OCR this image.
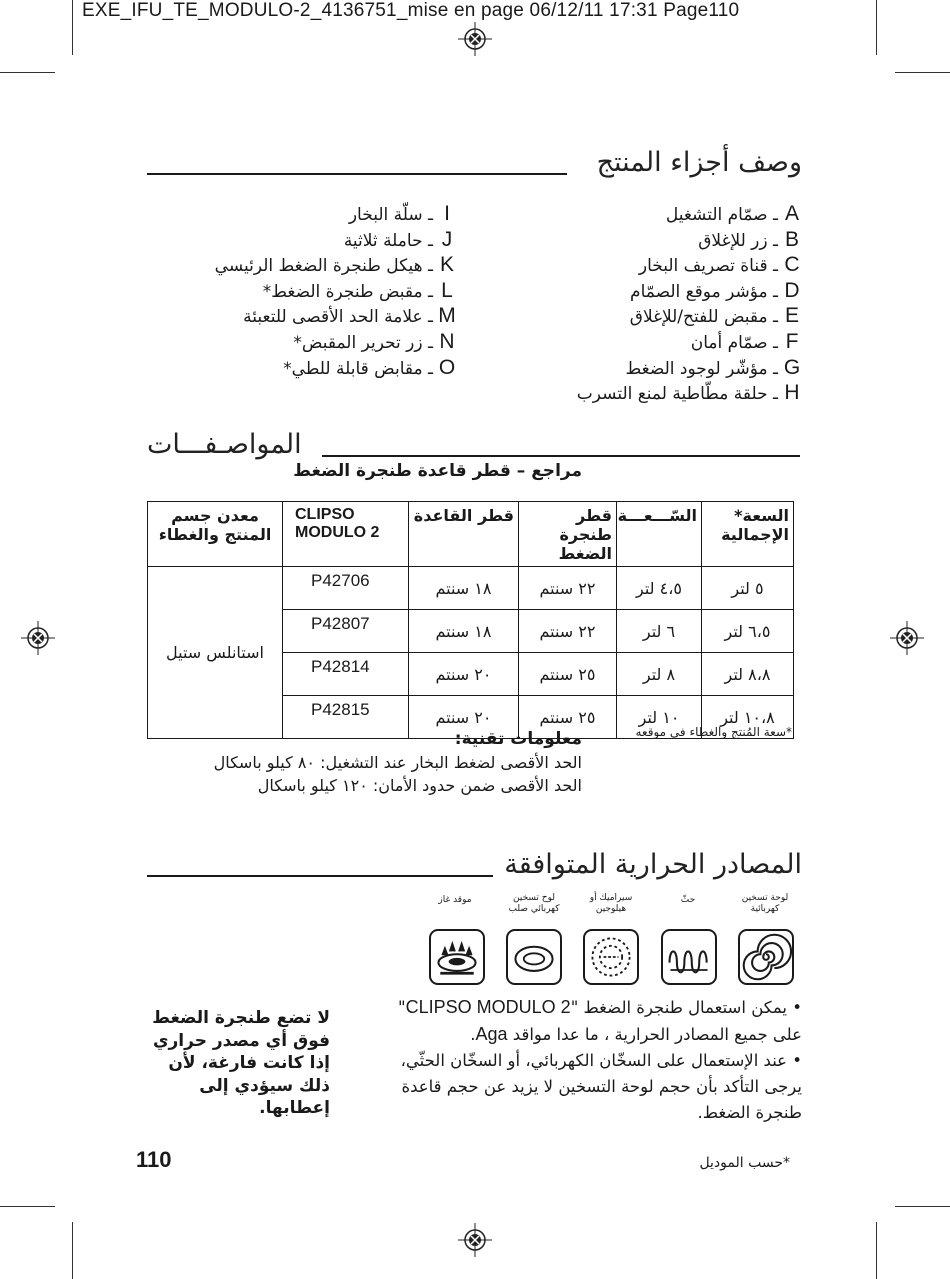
EXE_IFU_TE_MODULO-2_4136751_mise en page 06/12/11 17:31 Page110
وصف أجزاء المنتج
A
ـ صمّام التشغيل
B
ـ زر للإغلاق
C
ـ قناة تصريف البخار
D
ـ مؤشر موقع الصمّام
E
ـ مقبض للفتح/للإغلاق
F
ـ صمّام أمان
G
ـ مؤشّر لوجود الضغط
H
ـ حلقة مطّاطية لمنع التسرب
I
ـ سلّة البخار
J
ـ حاملة ثلاثية
K
ـ هيكل طنجرة الضغط الرئيسي
L
ـ مقبض طنجرة الضغط*
M
ـ علامة الحد الأقصى للتعبئة
N
ـ زر تحرير المقبض*
O
ـ مقابض قابلة للطي*
المواصـفـــات
مراجع – قطر قاعدة طنجرة الضغط
السعة* الإجمالية	السّـــعـــة	قطر طنجرة الضغط	قطر القاعدة	CLIPSO
MODULO 2	معدن جسم المنتج والغطاء
٥ لتر	٤،٥ لتر	٢٢ سنتم	١٨ سنتم	P42706	استانلس ستيل
٦،٥ لتر	٦ لتر	٢٢ سنتم	١٨ سنتم	P42807	
٨،٨ لتر	٨ لتر	٢٥ سنتم	٢٠ سنتم	P42814	
١٠،٨ لتر	١٠ لتر	٢٥ سنتم	٢٠ سنتم	P42815	
*سعة المُنتج والغطاء في موقعه
معلومات تقنية:
الحد الأقصى لضغط البخار عند التشغيل: ٨٠ كيلو باسكال
الحد الأقصى ضمن حدود الأمان: ١٢٠ كيلو باسكال
المصادر الحرارية المتوافقة
لوحة تسخين كهربائية
حثّ
سيراميك أو هيلوجين
لوح تسخين كهربائي صلب
موقد غاز
لا تضع طنجرة الضغط فوق أي مصدر حراري إذا كانت فارغة، لأن ذلك سيؤدي إلى إعطابها.

• يمكن استعمال طنجرة الضغط "CLIPSO MODULO 2" على جميع المصادر الحرارية ، ما عدا مواقد Aga.

• عند الإستعمال على السخّان الكهربائي، أو السخّان الحثّي، يرجى التأكد بأن حجم لوحة التسخين لا يزيد عن حجم قاعدة طنجرة الضغط.

110	*حسب الموديل
